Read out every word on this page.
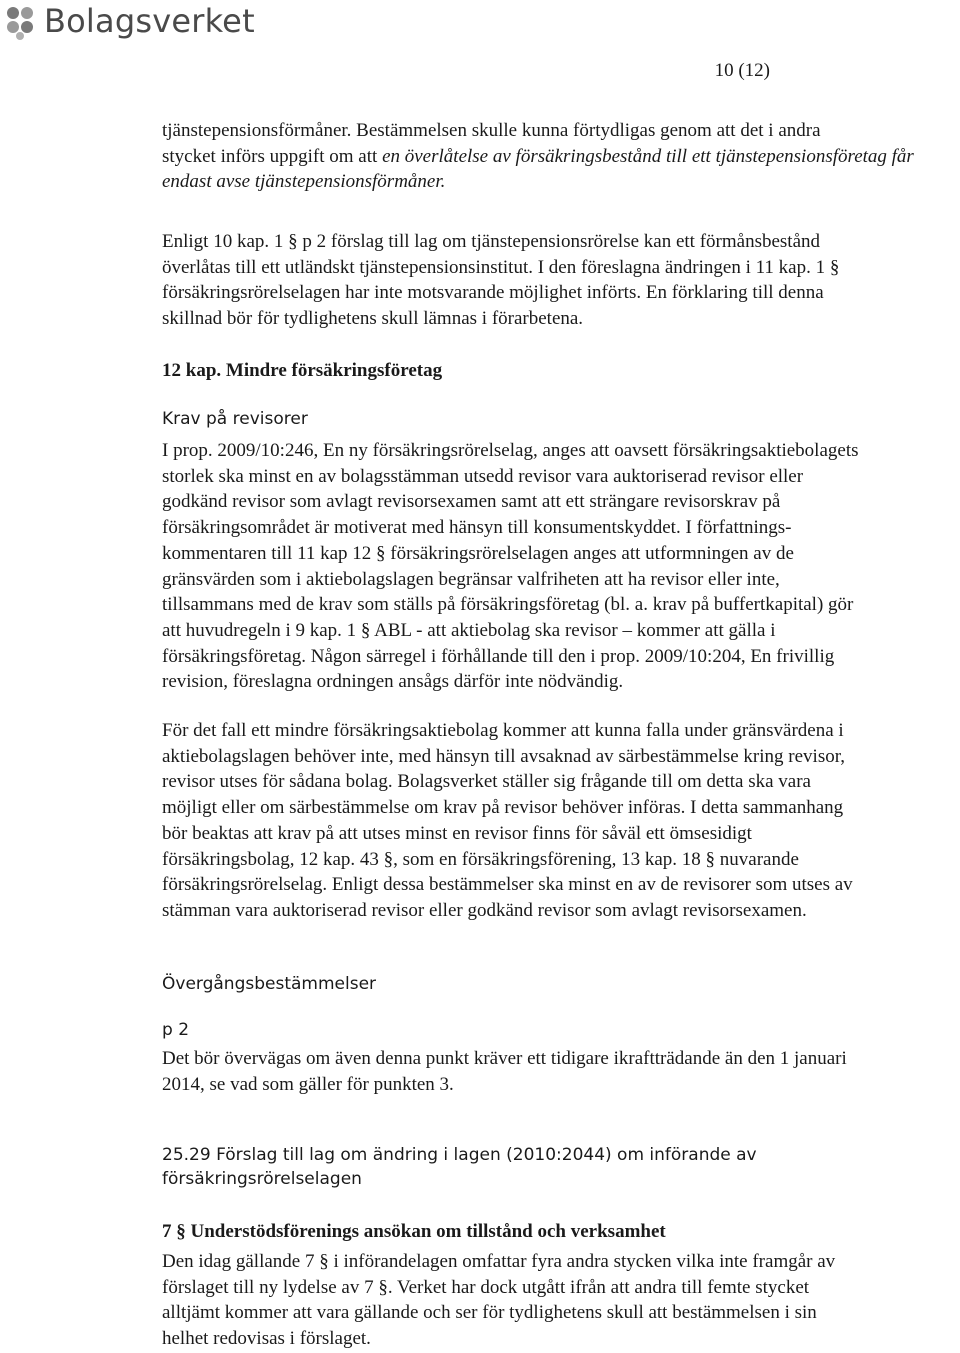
Bolagsverket
10 (12)
tjänstepensionsförmåner. Bestämmelsen skulle kunna förtydligas genom att det i andra
stycket införs uppgift om att en överlåtelse av försäkringsbestånd till ett tjänstepensionsföretag får
endast avse tjänstepensionsförmåner.
Enligt 10 kap. 1 § p 2 förslag till lag om tjänstepensionsrörelse kan ett förmånsbestånd
överlåtas till ett utländskt tjänstepensionsinstitut. I den föreslagna ändringen i 11 kap. 1 §
försäkringsrörelselagen har inte motsvarande möjlighet införts. En förklaring till denna
skillnad bör för tydlighetens skull lämnas i förarbetena.
12 kap. Mindre försäkringsföretag
Krav på revisorer
I prop. 2009/10:246, En ny försäkringsrörelselag, anges att oavsett försäkringsaktiebolagets
storlek ska minst en av bolagsstämman utsedd revisor vara auktoriserad revisor eller
godkänd revisor som avlagt revisorsexamen samt att ett strängare revisorskrav på
försäkringsområdet är motiverat med hänsyn till konsumentskyddet. I författnings-
kommentaren till 11 kap 12 § försäkringsrörelselagen anges att utformningen av de
gränsvärden som i aktiebolagslagen begränsar valfriheten att ha revisor eller inte,
tillsammans med de krav som ställs på försäkringsföretag (bl. a. krav på buffertkapital) gör
att huvudregeln i 9 kap. 1 § ABL - att aktiebolag ska revisor – kommer att gälla i
försäkringsföretag. Någon särregel i förhållande till den i prop. 2009/10:204, En frivillig
revision, föreslagna ordningen ansågs därför inte nödvändig.
För det fall ett mindre försäkringsaktiebolag kommer att kunna falla under gränsvärdena i
aktiebolagslagen behöver inte, med hänsyn till avsaknad av särbestämmelse kring revisor,
revisor utses för sådana bolag. Bolagsverket ställer sig frågande till om detta ska vara
möjligt eller om särbestämmelse om krav på revisor behöver införas. I detta sammanhang
bör beaktas att krav på att utses minst en revisor finns för såväl ett ömsesidigt
försäkringsbolag, 12 kap. 43 §, som en försäkringsförening, 13 kap. 18 § nuvarande
försäkringsrörelselag. Enligt dessa bestämmelser ska minst en av de revisorer som utses av
stämman vara auktoriserad revisor eller godkänd revisor som avlagt revisorsexamen.
Övergångsbestämmelser
p 2
Det bör övervägas om även denna punkt kräver ett tidigare ikraftträdande än den 1 januari
2014, se vad som gäller för punkten 3.
25.29 Förslag till lag om ändring i lagen (2010:2044) om införande av
försäkringsrörelselagen
7 § Understödsförenings ansökan om tillstånd och verksamhet
Den idag gällande 7 § i införandelagen omfattar fyra andra stycken vilka inte framgår av
förslaget till ny lydelse av 7 §. Verket har dock utgått ifrån att andra till femte stycket
alltjämt kommer att vara gällande och ser för tydlighetens skull att bestämmelsen i sin
helhet redovisas i förslaget.
